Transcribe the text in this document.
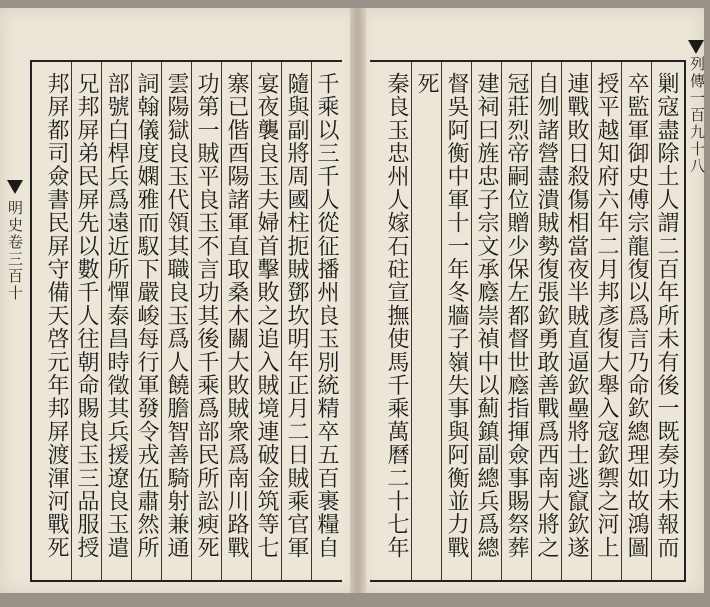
千乘以三千人從征播州良玉別統精卒五百裹糧自
隨與副將周國柱扼賊鄧坎明年正月二日賊乘官軍
宴夜襲良玉夫婦首擊敗之追入賊境連破金筑等七
寨已偕酉陽諸軍直取桑木關大敗賊衆爲南川路戰
功第一賊平良玉不言功其後千乘爲部民所訟瘐死
雲陽獄良玉代領其職良玉爲人饒膽智善騎射兼通
詞翰儀度嫻雅而馭下嚴峻每行軍發令戎伍肅然所
部號白桿兵爲遠近所憚泰昌時徵其兵援遼良玉遣
兄邦屏弟民屏先以數千人往朝命賜良玉三品服授
邦屏都司僉書民屏守備天啓元年邦屏渡渾河戰死	剿寇盡除土人謂二百年所未有後一既奏功未報而
卒監軍御史傅宗龍復以爲言乃命欽總理如故鴻圖
授平越知府六年二月邦彥復大舉入寇欽禦之河上
連戰敗日殺傷相當夜半賊直逼欽壘將士逃竄欽遂
自刎諸營盡潰賊勢復張欽勇敢善戰爲西南大將之
冠莊烈帝嗣位贈少保左都督世廕指揮僉事賜祭葬
建祠曰旌忠子宗文承廕崇禎中以薊鎮副總兵爲總
督吳阿衡中軍十一年冬牆子嶺失事與阿衡並力戰
死
秦良玉忠州人嫁石砫宣撫使馬千乘萬曆二十七年
明史卷三百十
列傳一百九十八
